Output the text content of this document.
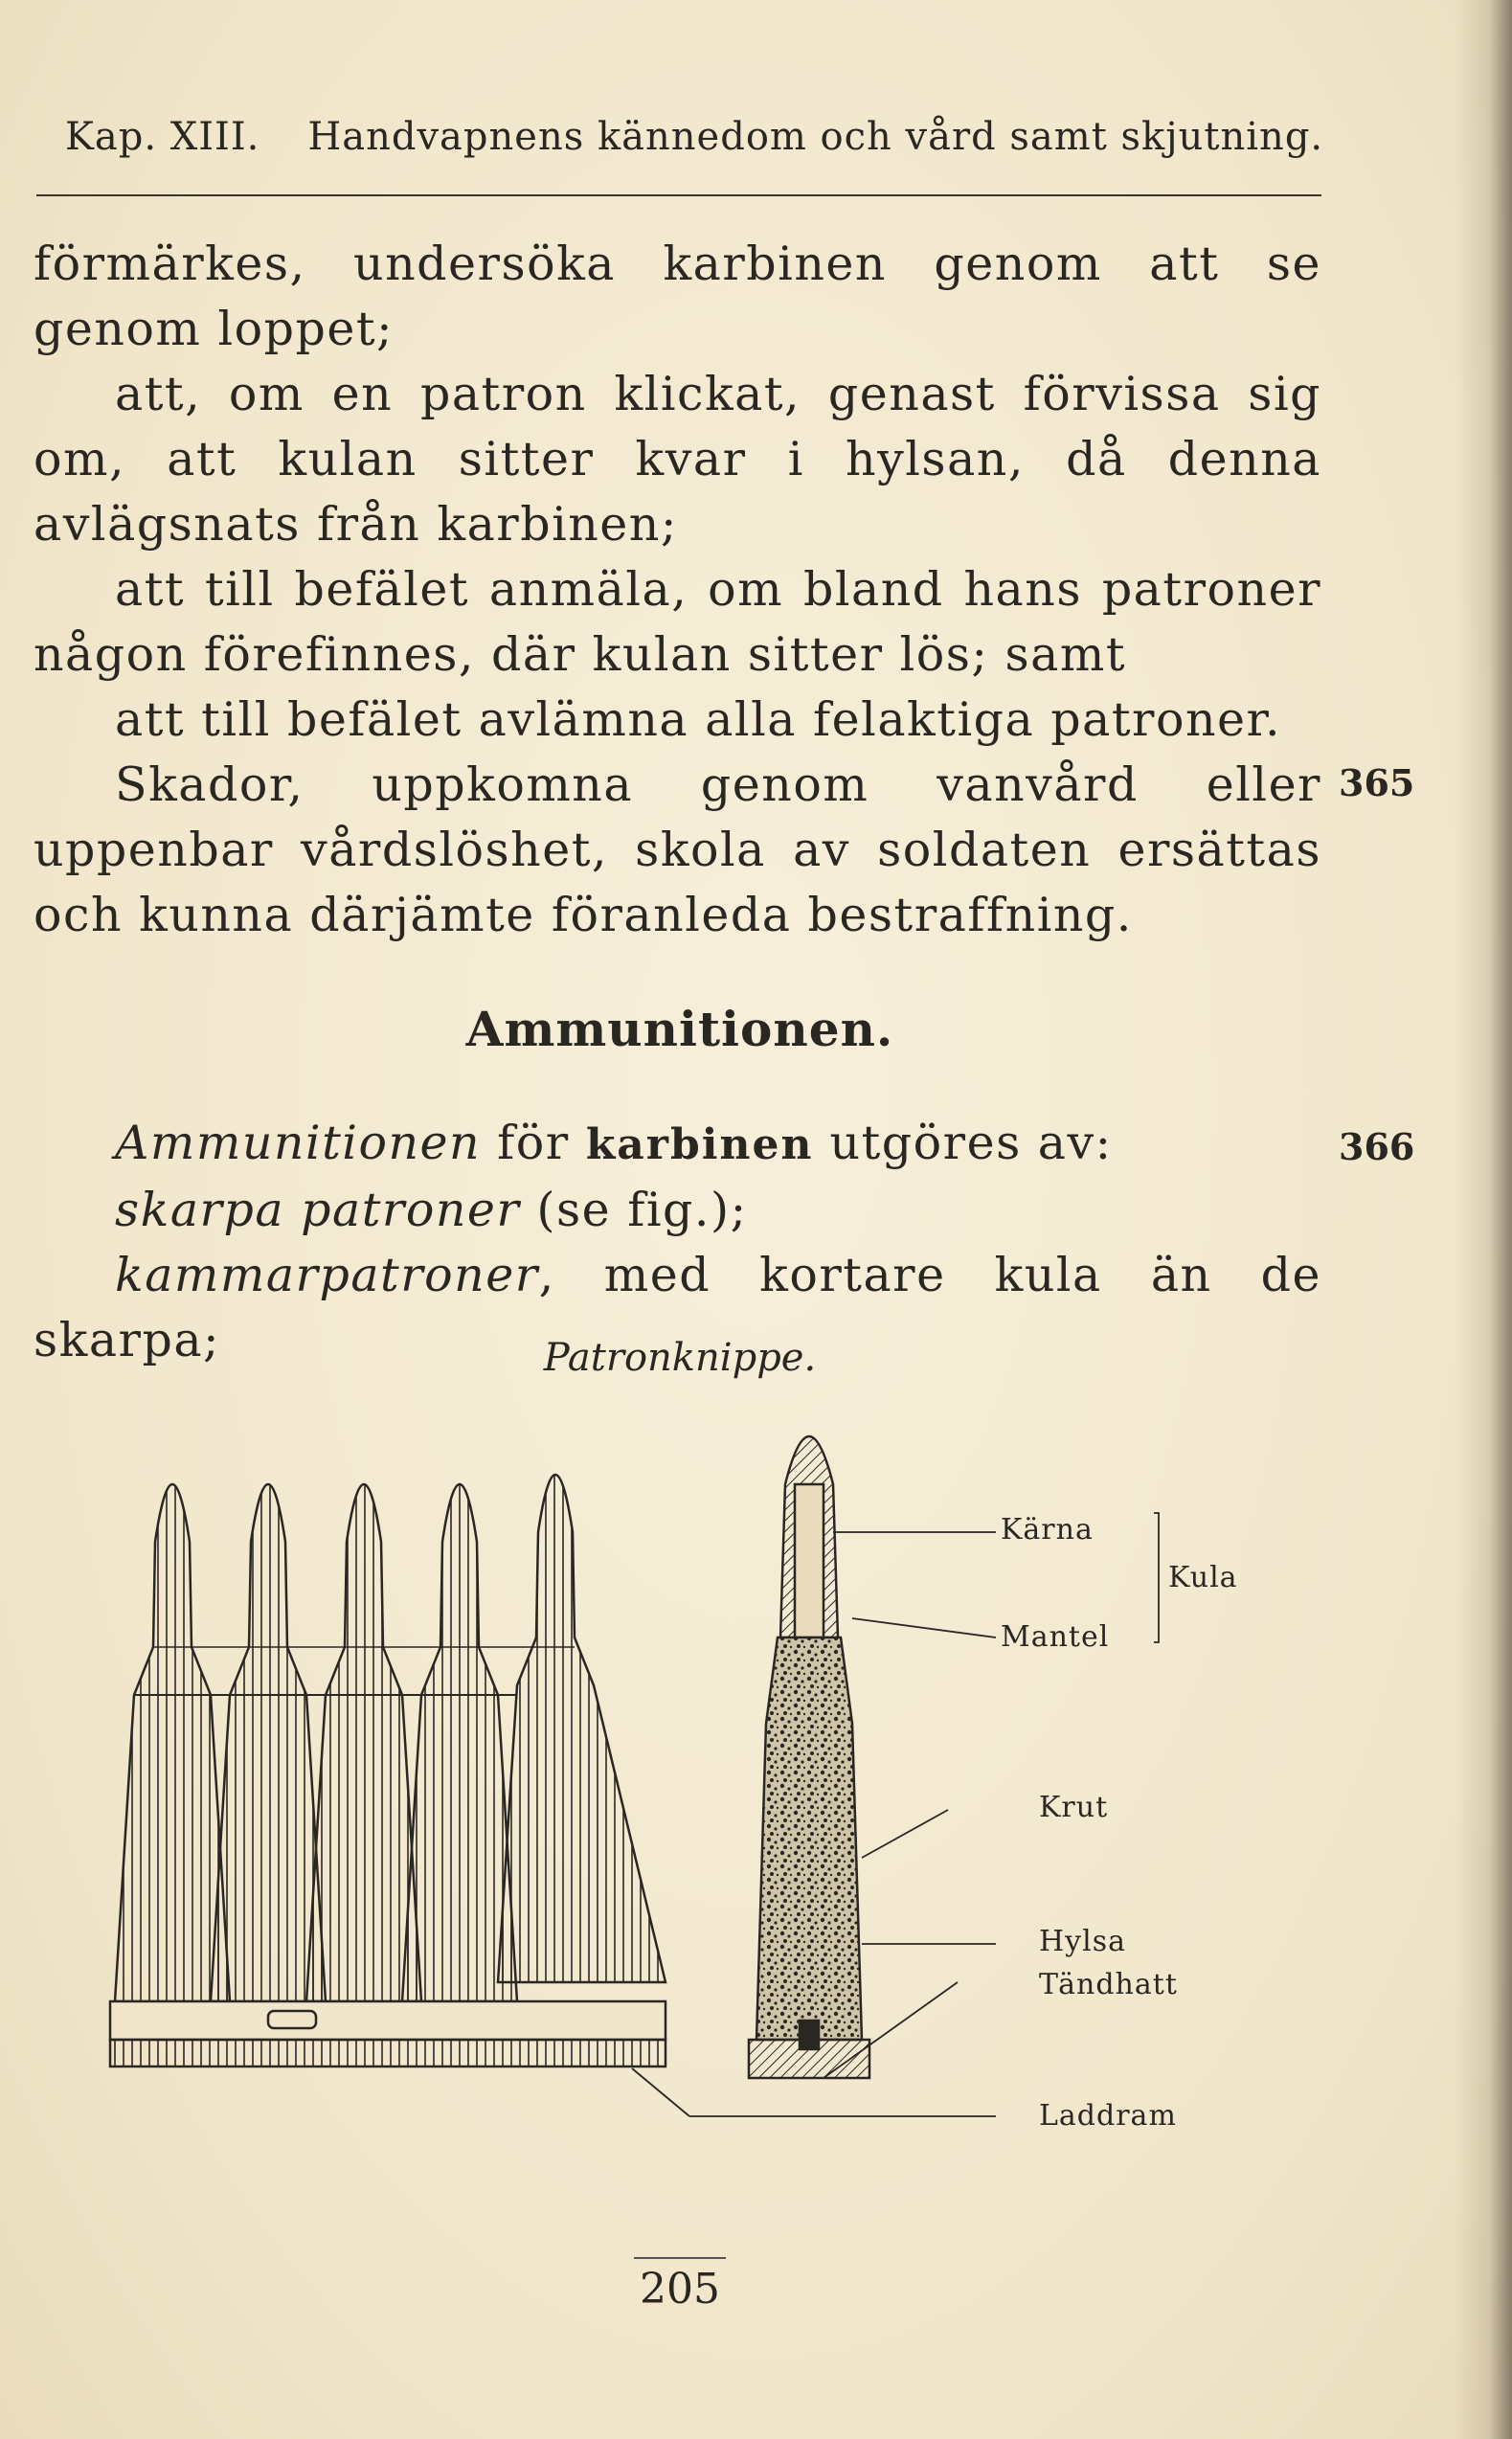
Kap. XIII. Handvapnens kännedom och vård samt skjutning.

förmärkes, undersöka karbinen genom att se genom loppet;

att, om en patron klickat, genast förvissa sig om, att kulan sitter kvar i hylsan, då denna avlägsnats från karbinen;

att till befälet anmäla, om bland hans patroner någon förefinnes, där kulan sitter lös; samt

att till befälet avlämna alla felaktiga patroner.

Skador, uppkomna genom vanvård eller uppenbar vårdslöshet, skola av soldaten ersättas och kunna därjämte föranleda bestraffning.

365
Ammunitionen.

Ammunitionen för karbinen utgöres av:

skarpa patroner (se fig.);

kammarpatroner, med kortare kula än de skarpa;

366
Patronknippe.
Kärna
Kula
Mantel
Krut
Hylsa
Tändhatt
Laddram
205
